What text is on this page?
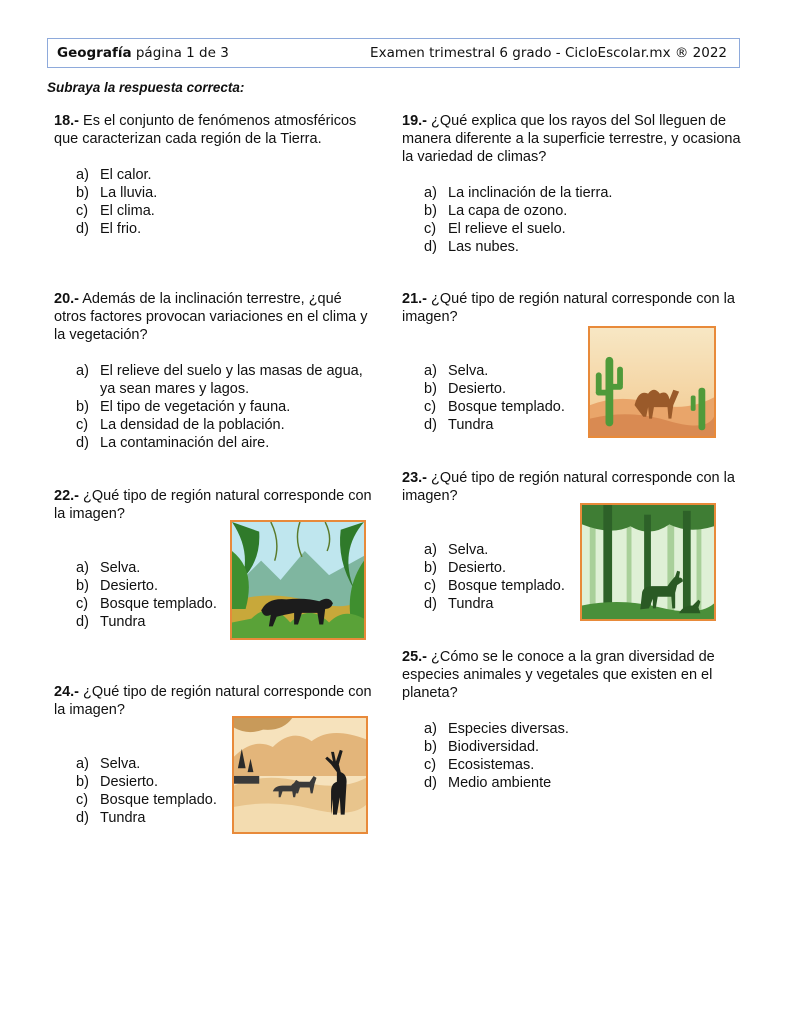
Geografía página 1 de 3	Examen trimestral 6 grado - CicloEscolar.mx ® 2022
Subraya la respuesta correcta:

18.- Es el conjunto de fenómenos atmosféricos que caracterizan cada región de la Tierra.

a) El calor.
b) La lluvia.
c) El clima.
d) El frio.

19.- ¿Qué explica que los rayos del Sol lleguen de manera diferente a la superficie terrestre, y ocasiona la variedad de climas?

a) La inclinación de la tierra.
b) La capa de ozono.
c) El relieve el suelo.
d) Las nubes.

20.- Además de la inclinación terrestre, ¿qué otros factores provocan variaciones en el clima y la vegetación?

a) El relieve del suelo y las masas de agua, ya sean mares y lagos.
b) El tipo de vegetación y fauna.
c) La densidad de la población.
d) La contaminación del aire.

21.- ¿Qué tipo de región natural corresponde con la imagen?

a) Selva.
b) Desierto.
c) Bosque templado.
d) Tundra

22.- ¿Qué tipo de región natural corresponde con la imagen?

a) Selva.
b) Desierto.
c) Bosque templado.
d) Tundra

23.- ¿Qué tipo de región natural corresponde con la imagen?

a) Selva.
b) Desierto.
c) Bosque templado.
d) Tundra

24.- ¿Qué tipo de región natural corresponde con la imagen?

a) Selva.
b) Desierto.
c) Bosque templado.
d) Tundra

25.- ¿Cómo se le conoce a la gran diversidad de especies animales y vegetales que existen en el planeta?

a) Especies diversas.
b) Biodiversidad.
c) Ecosistemas.
d) Medio ambiente
